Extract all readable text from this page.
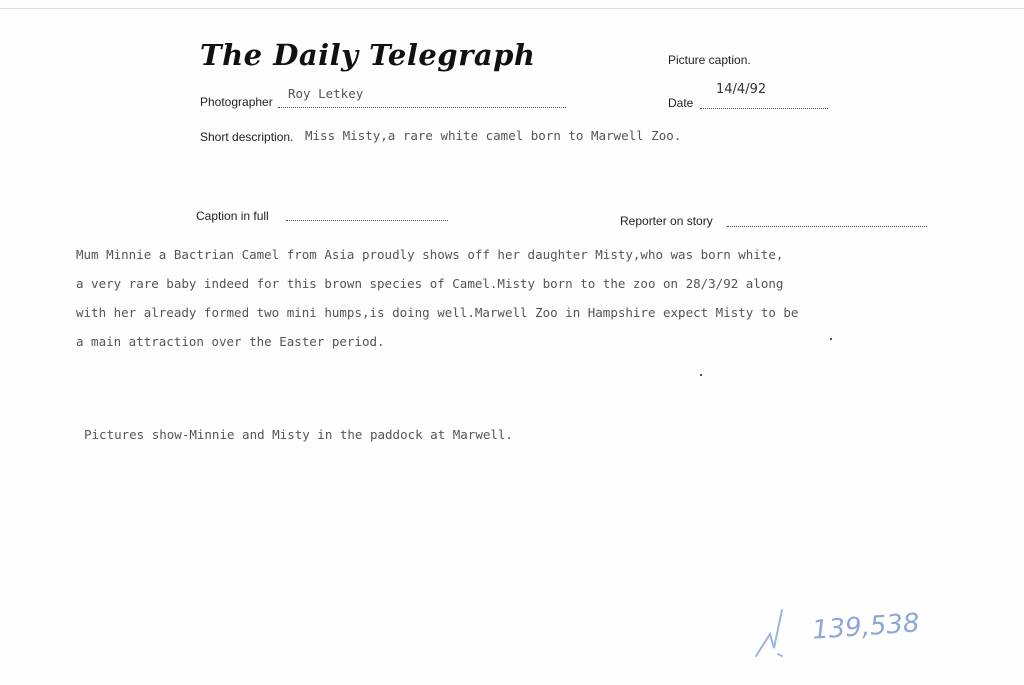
The Daily Telegraph	Picture caption.
Photographer
Roy Letkey
Date
14/4/92
Short description. Miss Misty,a rare white camel born to Marwell Zoo.
Caption in full	Reporter on story
Mum Minnie a Bactrian Camel from Asia proudly shows off her daughter Misty,who was born white,
a very rare baby indeed for this brown species of Camel.Misty born to the zoo on 28/3/92 along
with her already formed two mini humps,is doing well.Marwell Zoo in Hampshire expect Misty to be
a main attraction over the Easter period.
Pictures show-Minnie and Misty in the paddock at Marwell.
139,538
